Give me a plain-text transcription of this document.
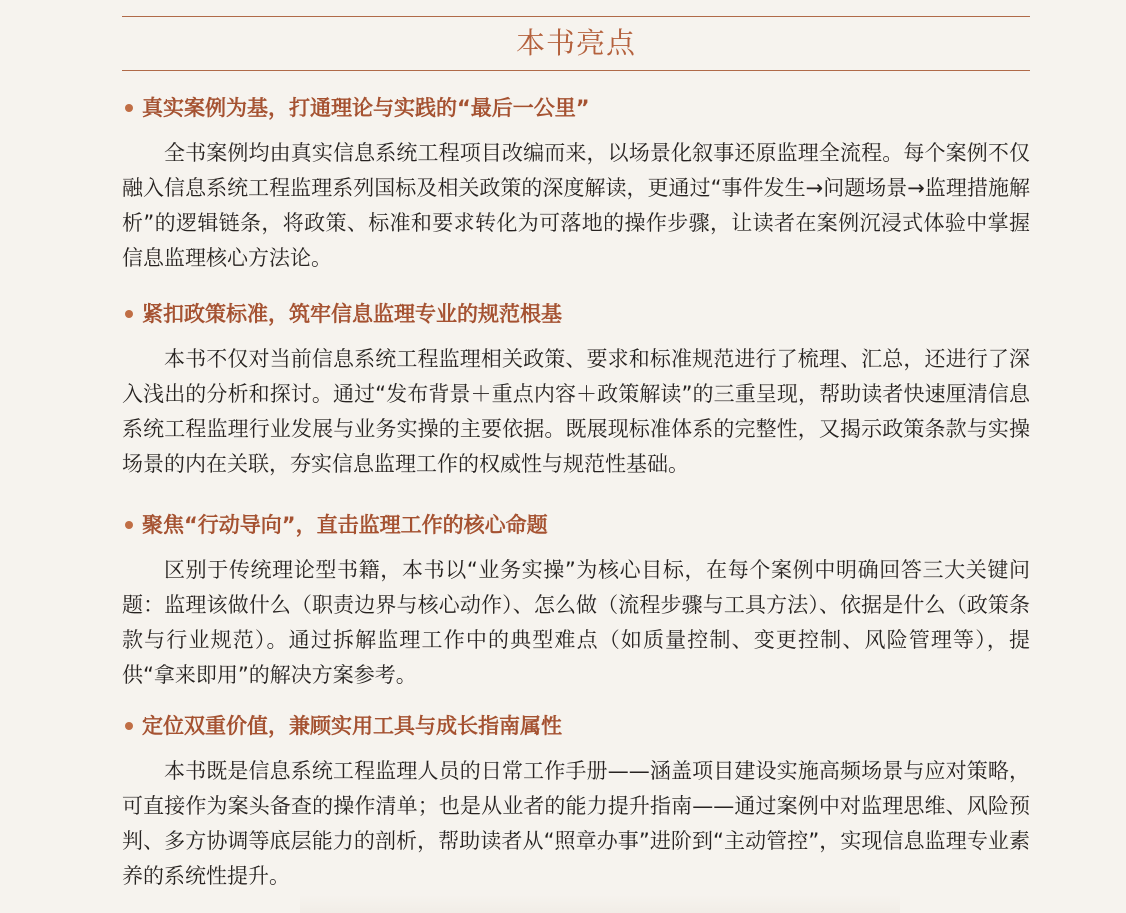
本书亮点
真实案例为基，打通理论与实践的“最后一公里”

全书案例均由真实信息系统工程项目改编而来，以场景化叙事还原监理全流程。每个案例不仅融入信息系统工程监理系列国标及相关政策的深度解读，更通过“事件发生→问题场景→监理措施解析”的逻辑链条，将政策、标准和要求转化为可落地的操作步骤，让读者在案例沉浸式体验中掌握信息监理核心方法论。

紧扣政策标准，筑牢信息监理专业的规范根基

本书不仅对当前信息系统工程监理相关政策、要求和标准规范进行了梳理、汇总，还进行了深入浅出的分析和探讨。通过“发布背景＋重点内容＋政策解读”的三重呈现，帮助读者快速厘清信息系统工程监理行业发展与业务实操的主要依据。既展现标准体系的完整性，又揭示政策条款与实操场景的内在关联，夯实信息监理工作的权威性与规范性基础。

聚焦“行动导向”，直击监理工作的核心命题

区别于传统理论型书籍，本书以“业务实操”为核心目标，在每个案例中明确回答三大关键问题：监理该做什么（职责边界与核心动作）、怎么做（流程步骤与工具方法）、依据是什么（政策条款与行业规范）。通过拆解监理工作中的典型难点（如质量控制、变更控制、风险管理等），提供“拿来即用”的解决方案参考。

定位双重价值，兼顾实用工具与成长指南属性

本书既是信息系统工程监理人员的日常工作手册——涵盖项目建设实施高频场景与应对策略，可直接作为案头备查的操作清单；也是从业者的能力提升指南——通过案例中对监理思维、风险预判、多方协调等底层能力的剖析，帮助读者从“照章办事”进阶到“主动管控”，实现信息监理专业素养的系统性提升。
